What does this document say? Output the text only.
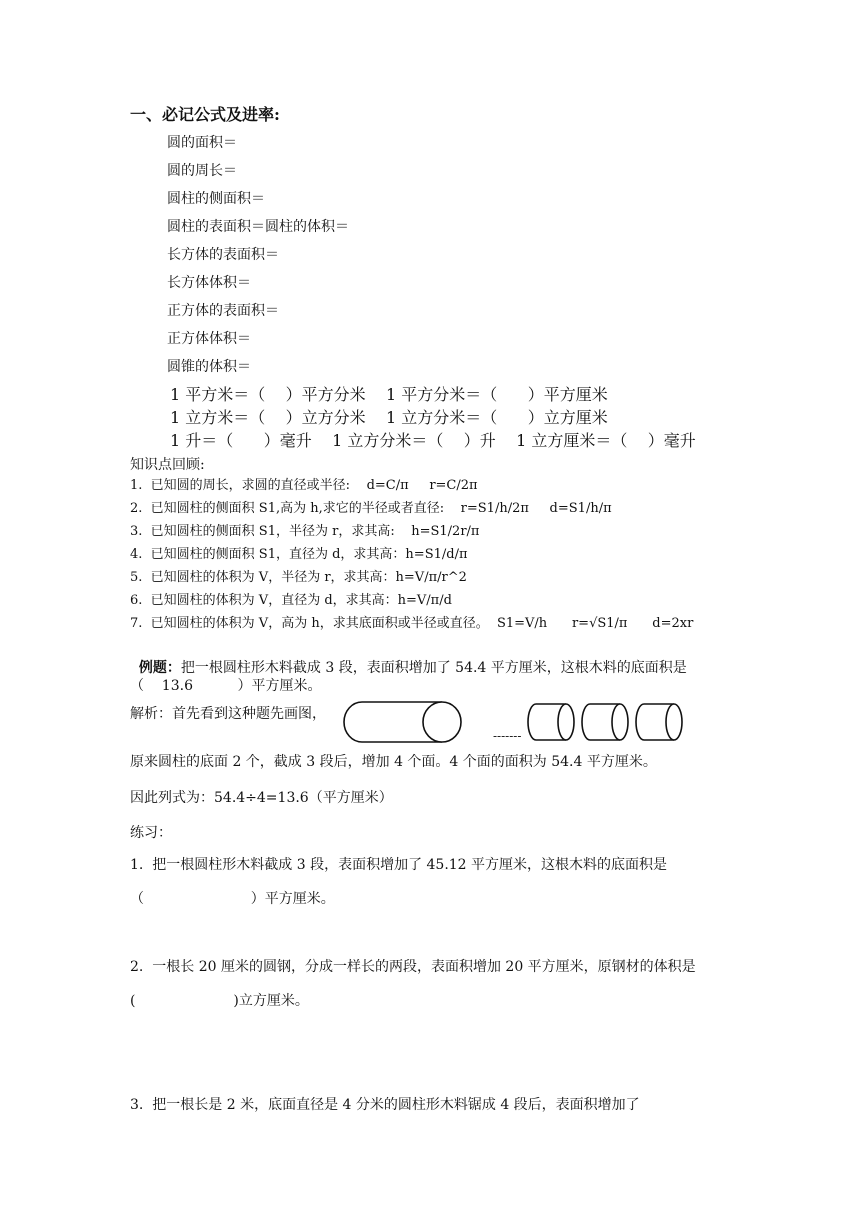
一、必记公式及进率:
圆的面积＝
圆的周长＝
圆柱的侧面积＝
圆柱的表面积＝圆柱的体积＝
长方体的表面积＝
长方体体积＝
正方体的表面积＝
正方体体积＝
圆锥的体积＝
1 平方米＝（    ）平方分米    1 平方分米＝（      ）平方厘米
1 立方米＝（    ）立方分米    1 立方分米＝（      ）立方厘米
1 升＝（      ）毫升    1 立方分米＝（    ）升    1 立方厘米＝（    ）毫升
知识点回顾:
1.  已知圆的周长，求圆的直径或半径:    d=C/π     r=C/2π
2.  已知圆柱的侧面积 S1,高为 h,求它的半径或者直径:    r=S1/h/2π     d=S1/h/π
3.  已知圆柱的侧面积 S1，半径为 r，求其高:    h=S1/2r/π
4.  已知圆柱的侧面积 S1，直径为 d，求其高：h=S1/d/π
5.  已知圆柱的体积为 V，半径为 r，求其高：h=V/π/r^2
6.  已知圆柱的体积为 V，直径为 d，求其高：h=V/π/d
7.  已知圆柱的体积为 V，高为 h，求其底面积或半径或直径。  S1=V/h      r=√S1/π      d=2xr

例题：把一根圆柱形木料截成 3 段，表面积增加了 54.4 平方厘米，这根木料的底面积是

（    13.6          ）平方厘米。
解析：首先看到这种题先画图，
-------
原来圆柱的底面 2 个，截成 3 段后，增加 4 个面。4 个面的面积为 54.4 平方厘米。
因此列式为：54.4÷4=13.6（平方厘米）
练习：
1.  把一根圆柱形木料截成 3 段，表面积增加了 45.12 平方厘米，这根木料的底面积是
（                        ）平方厘米。
2.  一根长 20 厘米的圆钢，分成一样长的两段，表面积增加 20 平方厘米，原钢材的体积是
(                      )立方厘米。
3.  把一根长是 2 米，底面直径是 4 分米的圆柱形木料锯成 4 段后，表面积增加了
